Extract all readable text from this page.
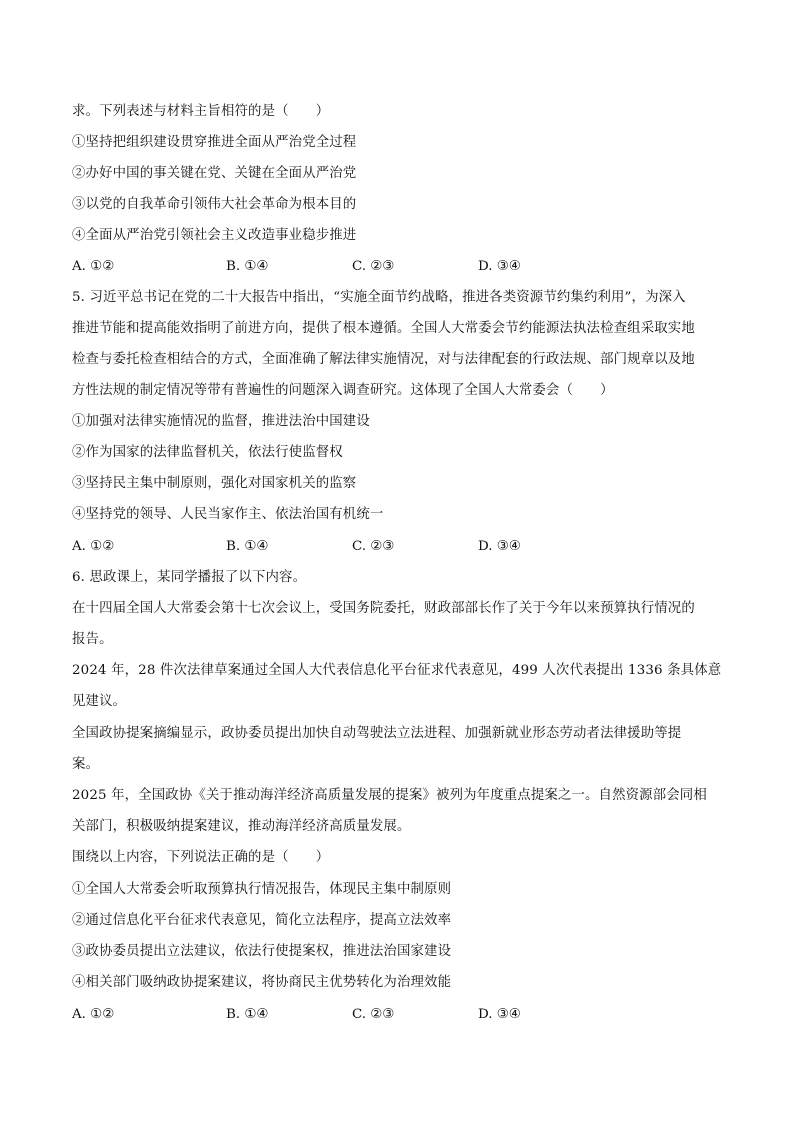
求。下列表述与材料主旨相符的是（　　）
①坚持把组织建设贯穿推进全面从严治党全过程
②办好中国的事关键在党、关键在全面从严治党
③以党的自我革命引领伟大社会革命为根本目的
④全面从严治党引领社会主义改造事业稳步推进
A. ①②	B. ①④	C. ②③	D. ③④
5. 习近平总书记在党的二十大报告中指出，“实施全面节约战略，推进各类资源节约集约利用”，为深入
推进节能和提高能效指明了前进方向，提供了根本遵循。全国人大常委会节约能源法执法检查组采取实地
检查与委托检查相结合的方式，全面准确了解法律实施情况，对与法律配套的行政法规、部门规章以及地
方性法规的制定情况等带有普遍性的问题深入调查研究。这体现了全国人大常委会（　　）
①加强对法律实施情况的监督，推进法治中国建设
②作为国家的法律监督机关，依法行使监督权
③坚持民主集中制原则，强化对国家机关的监察
④坚持党的领导、人民当家作主、依法治国有机统一
A. ①②	B. ①④	C. ②③	D. ③④
6. 思政课上，某同学播报了以下内容。
在十四届全国人大常委会第十七次会议上，受国务院委托，财政部部长作了关于今年以来预算执行情况的
报告。
2024 年，28 件次法律草案通过全国人大代表信息化平台征求代表意见，499 人次代表提出 1336 条具体意
见建议。
全国政协提案摘编显示，政协委员提出加快自动驾驶法立法进程、加强新就业形态劳动者法律援助等提
案。
2025 年，全国政协《关于推动海洋经济高质量发展的提案》被列为年度重点提案之一。自然资源部会同相
关部门，积极吸纳提案建议，推动海洋经济高质量发展。
围绕以上内容，下列说法正确的是（　　）
①全国人大常委会听取预算执行情况报告，体现民主集中制原则
②通过信息化平台征求代表意见，简化立法程序，提高立法效率
③政协委员提出立法建议，依法行使提案权，推进法治国家建设
④相关部门吸纳政协提案建议，将协商民主优势转化为治理效能
A. ①②	B. ①④	C. ②③	D. ③④
